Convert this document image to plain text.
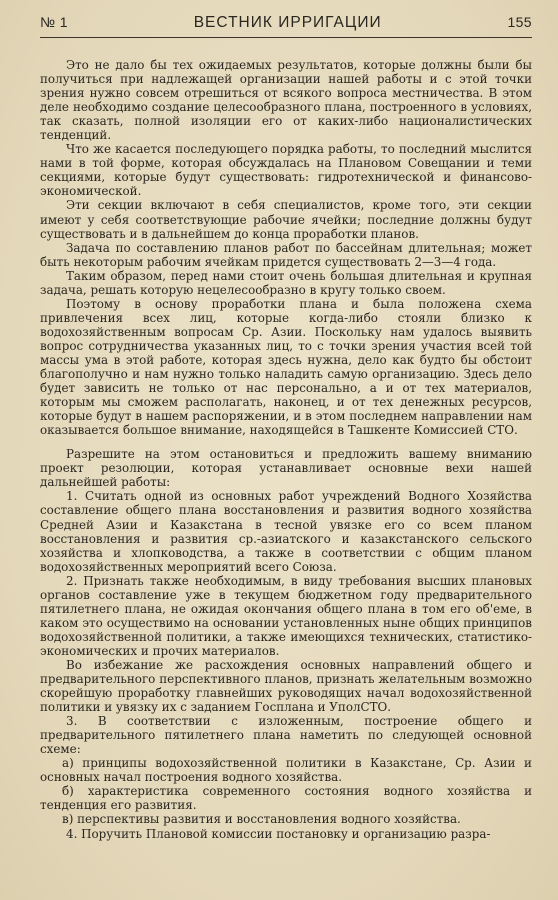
№ 1	ВЕСТНИК ИРРИГАЦИИ	155

Это не дало бы тех ожидаемых результатов, которые должны были бы получиться при надлежащей организации нашей работы и с этой точки зрения нужно совсем отрешиться от всякого вопроса местничества. В этом деле необходимо создание целесообразного плана, построенного в условиях, так сказать, полной изоляции его от каких-либо националистических тенденций.

Что же касается последующего порядка работы, то последний мыслится нами в той форме, которая обсуждалась на Плановом Совещании и теми секциями, которые будут существовать: гидротехнической и финансово-экономической.

Эти секции включают в себя специалистов, кроме того, эти секции имеют у себя соответствующие рабочие ячейки; последние должны будут существовать и в дальнейшем до конца проработки планов.

Задача по составлению планов работ по бассейнам длительная; может быть некоторым рабочим ячейкам придется существовать 2—3—4 года.

Таким образом, перед нами стоит очень большая длительная и крупная задача, решать которую нецелесообразно в кругу только своем.

Поэтому в основу проработки плана и была положена схема привлечения всех лиц, которые когда-либо стояли близко к водохозяйственным вопросам Ср. Азии. Поскольку нам удалось выявить вопрос сотрудничества указанных лиц, то с точки зрения участия всей той массы ума в этой работе, которая здесь нужна, дело как будто бы обстоит благополучно и нам нужно только наладить самую организацию. Здесь дело будет зависить не только от нас персонально, а и от тех материалов, которым мы сможем располагать, наконец, и от тех денежных ресурсов, которые будут в нашем распоряжении, и в этом последнем направлении нам оказывается большое внимание, находящейся в Ташкенте Комиссией СТО.

Разрешите на этом остановиться и предложить вашему вниманию проект резолюции, которая устанавливает основные вехи нашей дальнейшей работы:

1. Считать одной из основных работ учреждений Водного Хозяйства составление общего плана восстановления и развития водного хозяйства Средней Азии и Казакстана в тесной увязке его со всем планом восстановления и развития ср.-азиатского и казакстанского сельского хозяйства и хлопководства, а также в соответствии с общим планом водохозяйственных мероприятий всего Союза.

2. Признать также необходимым, в виду требования высших плановых органов составление уже в текущем бюджетном году предварительного пятилетнего плана, не ожидая окончания общего плана в том его об'еме, в каком это осуществимо на основании установленных ныне общих принципов водохозяйственной политики, а также имеющихся технических, статистико-экономических и прочих материалов.

Во избежание же расхождения основных направлений общего и предварительного перспективного планов, признать желательным возможно скорейшую проработку главнейших руководящих начал водохозяйственной политики и увязку их с заданием Госплана и УполСТО.

3. В соответствии с изложенным, построение общего и предварительного пятилетнего плана наметить по следующей основной схеме:

а) принципы водохозяйственной политики в Казакстане, Ср. Азии и основных начал построения водного хозяйства.

б) характеристика современного состояния водного хозяйства и тенденция его развития.

в) перспективы развития и восстановления водного хозяйства.

4. Поручить Плановой комиссии постановку и организацию разра-
